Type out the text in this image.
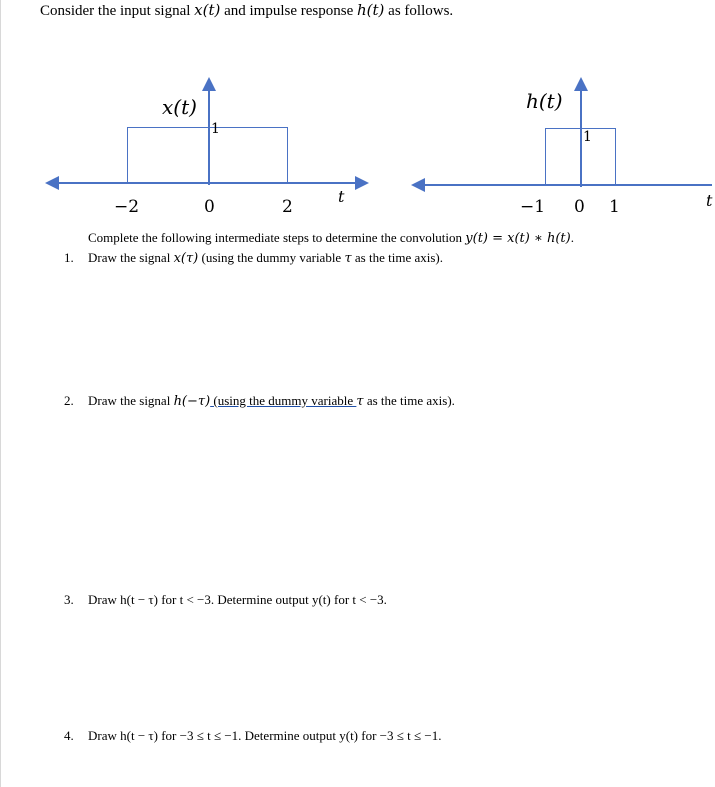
Consider the input signal x(t) and impulse response h(t) as follows.
x(t)
1
−2	0	2
t
h(t)
1
−1 0 1	t
Complete the following intermediate steps to determine the convolution y(t) = x(t) ∗ h(t).
1. Draw the signal x(τ) (using the dummy variable τ as the time axis).
2. Draw the signal h(−τ) (using the dummy variable τ as the time axis).
3. Draw h(t − τ) for t < −3. Determine output y(t) for t < −3.
4. Draw h(t − τ) for −3 ≤ t ≤ −1. Determine output y(t) for −3 ≤ t ≤ −1.
